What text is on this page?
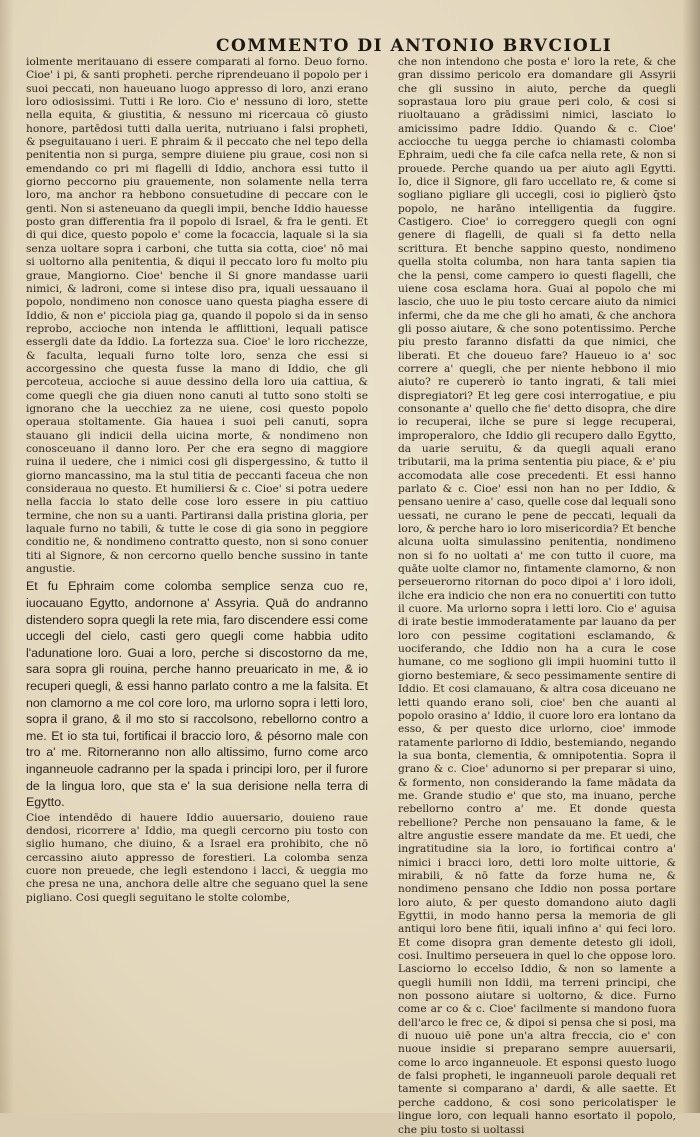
COMMENTO DI ANTONIO BRVCIOLI

iolmente meritauano di essere comparati al forno. Deuo forno. Cioe' i pi, & santi propheti. perche riprendeuano il popolo per i suoi peccati, non haueuano luogo appresso di loro, anzi erano loro odiosissimi. Tutti i Re loro. Cio e' nessuno di loro, stette nella equita, & giustitia, & nessuno mi ricercaua cō giusto honore, partēdosi tutti dalla uerita, nutriuano i falsi propheti, & pseguitauano i ueri. E phraim & il peccato che nel tepo della penitentia non si purga, sempre diuiene piu graue, cosi non si emendando co pri mi flagelli di Iddio, anchora essi tutto il giorno peccorno piu grauemente, non solamente nella terra loro, ma anchor ra hebbono consuetudine di peccare con le genti. Non si asteneuano da quegli impii, benche Iddio hauesse posto gran differentia fra il popolo di Israel, & fra le genti. Et di qui dice, questo popolo e' come la focaccia, laquale si la sia senza uoltare sopra i carboni, che tutta sia cotta, cioe' nō mai si uoltorno alla penitentia, & diqui il peccato loro fu molto piu graue, Mangiorno. Cioe' benche il Si gnore mandasse uarii nimici, & ladroni, come si intese diso pra, iquali uessauano il popolo, nondimeno non conosce uano questa piagha essere di Iddio, & non e' picciola piag ga, quando il popolo si da in senso reprobo, accioche non intenda le afflittioni, lequali patisce essergli date da Iddio. La fortezza sua. Cioe' le loro ricchezze, & faculta, lequali furno tolte loro, senza che essi si accorgessino che questa fusse la mano di Iddio, che gli percoteua, accioche si auue dessino della loro uia cattiua, & come quegli che gia diuen nono canuti al tutto sono stolti se ignorano che la uecchiez za ne uiene, cosi questo popolo operaua stoltamente. Gia hauea i suoi peli canuti, sopra stauano gli indicii della uicina morte, & nondimeno non conosceuano il danno loro. Per che era segno di maggiore ruina il uedere, che i nimici cosi gli dispergessino, & tutto il giorno mancassino, ma la stul titia de peccanti faceua che non consideraua no questo. Et humiliersi & c. Cioe' si potra uedere nella faccia lo stato delle cose loro essere in piu cattiuo termine, che non su a uanti. Partiransi dalla pristina gloria, per laquale furno no tabili, & tutte le cose di gia sono in peggiore conditio ne, & nondimeno contratto questo, non si sono conuer titi al Signore, & non cercorno quello benche sussino in tante angustie.

Et fu Ephraim come colomba semplice senza cuo re, iuocauano Egytto, andornone a' Assyria. Quā do andranno distendero sopra quegli la rete mia, faro discendere essi come uccegli del cielo, casti gero quegli come habbia udito l'adunatione loro. Guai a loro, perche si discostorno da me, sara sopra gli rouina, perche hanno preuaricato in me, & io recuperi quegli, & essi hanno parlato contro a me la falsita. Et non clamorno a me col core loro, ma urlorno sopra i letti loro, sopra il grano, & il mo sto si raccolsono, rebellorno contro a me. Et io sta tui, fortificai il braccio loro, & pésorno male con tro a' me. Ritorneranno non allo altissimo, furno come arco inganneuole cadranno per la spada i principi loro, per il furore de la lingua loro, que sta e' la sua derisione nella terra di Egytto.

Cioe intendēdo di hauere Iddio auuersario, douieno raue dendosi, ricorrere a' Iddio, ma quegli cercorno piu tosto con siglio humano, che diuino, & a Israel era prohibito, che nō cercassino aiuto appresso de forestieri. La colomba senza cuore non preuede, che legli estendono i lacci, & ueggia mo che presa ne una, anchora delle altre che seguano quel la sene pigliano. Cosi quegli seguitano le stolte colombe,

che non intendono che posta e' loro la rete, & che gran dissimo pericolo era domandare gli Assyrii che gli sussino in aiuto, perche da quegli soprastaua loro piu graue peri colo, & cosi si riuoltauano a grādissimi nimici, lasciato lo amicissimo padre Iddio. Quando & c. Cioe' acciocche tu uegga perche io chiamasti colomba Ephraim, uedi che fa cile cafca nella rete, & non si prouede. Perche quando ua per aiuto agli Egytti. Io, dice il Signore, gli faro uccellato re, & come si sogliano pigliare gli uccegli, cosi io piglierò q̄sto popolo, ne harāno intelligentia da fuggire. Castigero. Cioe' io correggero quegli con ogni genere di flagelli, de quali si fa detto nella scrittura. Et benche sappino questo, nondimeno quella stolta columba, non hara tanta sapien tia che la pensi, come campero io questi flagelli, che uiene cosa esclama hora. Guai al popolo che mi lascio, che uuo le piu tosto cercare aiuto da nimici infermi, che da me che gli ho amati, & che anchora gli posso aiutare, & che sono potentissimo. Perche piu presto faranno disfatti da que nimici, che liberati. Et che doueuo fare? Haueuo io a' soc correre a' quegli, che per niente hebbono il mio aiuto? re cupererò io tanto ingrati, & tali miei dispregiatori? Et leg gere cosi interrogatiue, e piu consonante a' quello che fie' detto disopra, che dire io recuperai, ilche se pure si legge recuperai, improperaloro, che Iddio gli recupero dallo Egytto, da uarie seruitu, & da quegli aquali erano tributarii, ma la prima sententia piu piace, & e' piu accomodata alle cose precedenti. Et essi hanno parlato & c. Cioe' essi non han no per Iddio, & pensano uenire a' caso, quelle cose dal lequali sono uessati, ne curano le pene de peccati, lequali da loro, & perche haro io loro misericordia? Et benche alcuna uolta simulassino penitentia, nondimeno non si fo no uoltati a' me con tutto il cuore, ma quāte uolte clamor no, fintamente clamorno, & non perseuerorno ritornan do poco dipoi a' i loro idoli, ilche era indicio che non era no conuertiti con tutto il cuore. Ma urlorno sopra i letti loro. Cio e' aguisa di irate bestie immoderatamente par lauano da per loro con pessime cogitationi esclamando, & uociferando, che Iddio non ha a cura le cose humane, co me sogliono gli impii huomini tutto il giorno bestemiare, & seco pessimamente sentire di Iddio. Et cosi clamauano, & altra cosa diceuano ne letti quando erano soli, cioe' ben che auanti al popolo orasino a' Iddio, il cuore loro era lontano da esso, & per questo dice urlorno, cioe' immode ratamente parlorno di Iddio, bestemiando, negando la sua bonta, clementia, & omnipotentia. Sopra il grano & c. Cioe' adunorno si per preparar si uino, & formento, non considerando la fame mādata da me. Grande studio e' que sto, ma inuano, perche rebellorno contro a' me. Et donde questa rebellione? Perche non pensauano la fame, & le altre angustie essere mandate da me. Et uedi, che ingratitudine sia la loro, io fortificai contro a' nimici i bracci loro, detti loro molte uittorie, & mirabili, & nō fatte da forze huma ne, & nondimeno pensano che Iddio non possa portare loro aiuto, & per questo domandono aiuto dagli Egyttii, in modo hanno persa la memoria de gli antiqui loro bene fitii, iquali infino a' qui feci loro. Et come disopra gran demente detesto gli idoli, cosi. Inultimo perseuera in quel lo che oppose loro. Lasciorno lo eccelso Iddio, & non so lamente a quegli humili non Iddii, ma terreni principi, che non possono aiutare si uoltorno, & dice. Furno come ar co & c. Cioe' facilmente si mandono fuora dell'arco le frec ce, & dipoi si pensa che si posi, ma di nuouo uiē pone un'a altra freccia, cio e' con nuoue insidie si preparano sempre auuersarii, come lo arco inganneuole. Et esponsi questo luogo de falsi propheti, le inganneuoli parole dequali ret tamente si comparano a' dardi, & alle saette. Et perche caddono, & cosi sono pericolatisper le lingue loro, con lequali hanno esortato il popolo, che piu tosto si uoltassi
